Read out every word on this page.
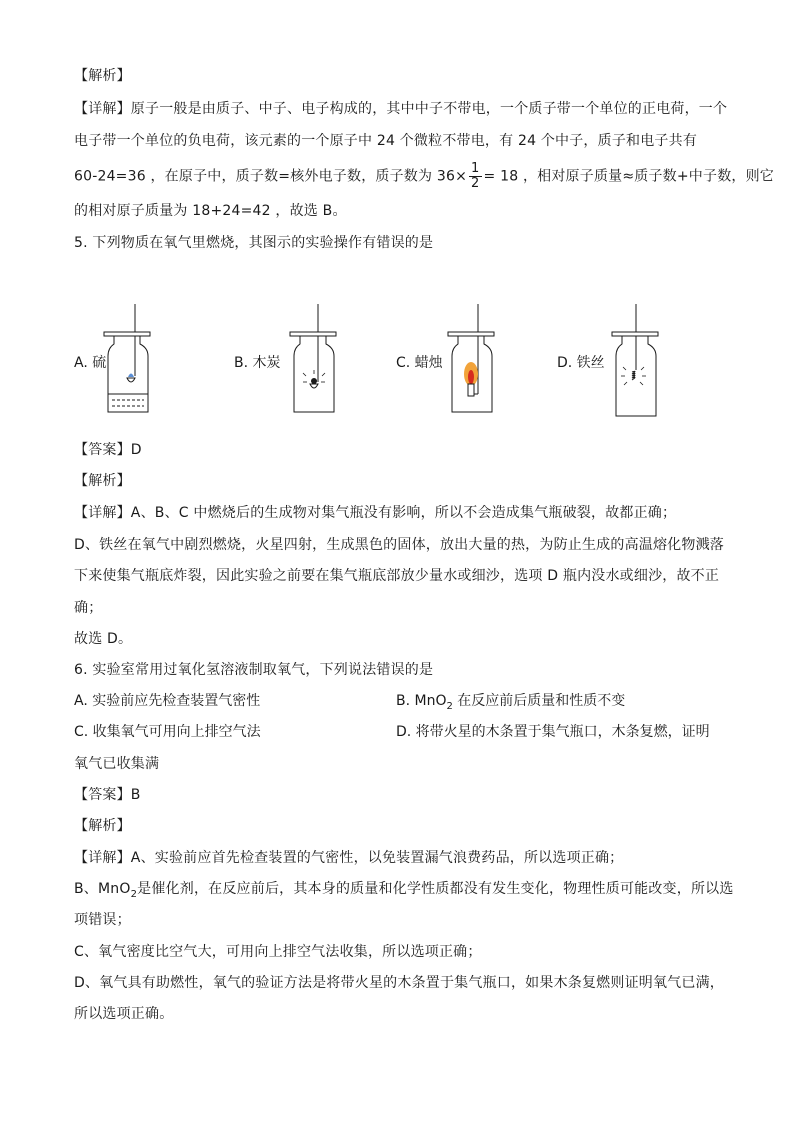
【解析】
【详解】原子一般是由质子、中子、电子构成的，其中中子不带电，一个质子带一个单位的正电荷，一个
电子带一个单位的负电荷，该元素的一个原子中 24 个微粒不带电，有 24 个中子，质子和电子共有
60-24=36 ，在原子中，质子数=核外电子数，质子数为 $36\times \frac{1}{2} = 18$ ，相对原子质量≈质子数+中子数，则它
的相对原子质量为 18+24=42 ，故选 B。
5. 下列物质在氧气里燃烧，其图示的实验操作有错误的是
A. 硫	B. 木炭	C. 蜡烛	D. 铁丝
【答案】D
【解析】
【详解】A、B、C 中燃烧后的生成物对集气瓶没有影响，所以不会造成集气瓶破裂，故都正确；
D、铁丝在氧气中剧烈燃烧，火星四射，生成黑色的固体，放出大量的热，为防止生成的高温熔化物溅落
下来使集气瓶底炸裂，因此实验之前要在集气瓶底部放少量水或细沙，选项 D 瓶内没水或细沙，故不正
确；
故选 D。
6. 实验室常用过氧化氢溶液制取氧气，下列说法错误的是
A. 实验前应先检查装置气密性	B. MnO$_2$ 在反应前后质量和性质不变
C. 收集氧气可用向上排空气法	D. 将带火星的木条置于集气瓶口，木条复燃，证明
氧气已收集满
【答案】B
【解析】
【详解】A、实验前应首先检查装置的气密性，以免装置漏气浪费药品，所以选项正确；
B、MnO$_2$是催化剂，在反应前后，其本身的质量和化学性质都没有发生变化，物理性质可能改变，所以选
项错误；
C、氧气密度比空气大，可用向上排空气法收集，所以选项正确；
D、氧气具有助燃性，氧气的验证方法是将带火星的木条置于集气瓶口，如果木条复燃则证明氧气已满，
所以选项正确。
